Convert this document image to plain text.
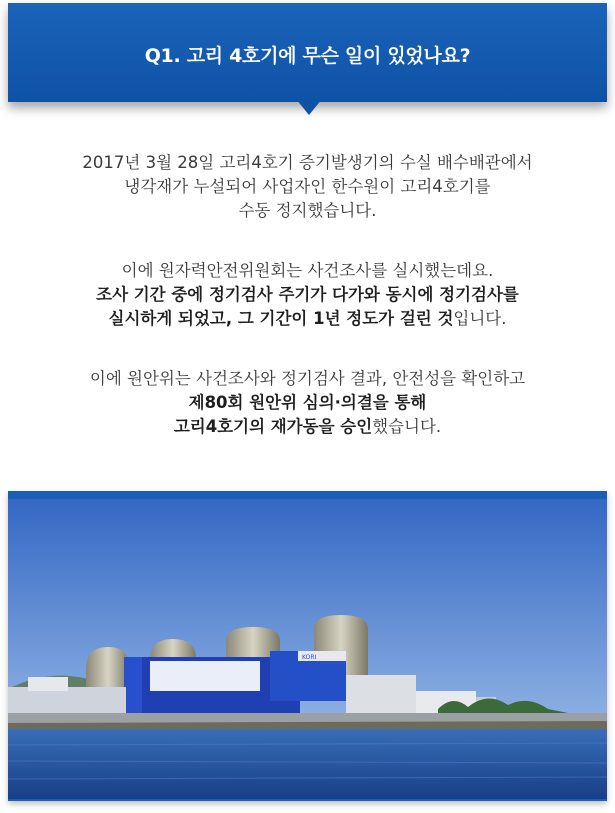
Q1. 고리 4호기에 무슨 일이 있었나요?
2017년 3월 28일 고리4호기 증기발생기의 수실 배수배관에서
냉각재가 누설되어 사업자인 한수원이 고리4호기를
수동 정지했습니다.
이에 원자력안전위원회는 사건조사를 실시했는데요.
조사 기간 중에 정기검사 주기가 다가와 동시에 정기검사를
실시하게 되었고, 그 기간이 1년 정도가 걸린 것입니다.
이에 원안위는 사건조사와 정기검사 결과, 안전성을 확인하고
제80회 원안위 심의·의결을 통해
고리4호기의 재가동을 승인했습니다.
KORI
